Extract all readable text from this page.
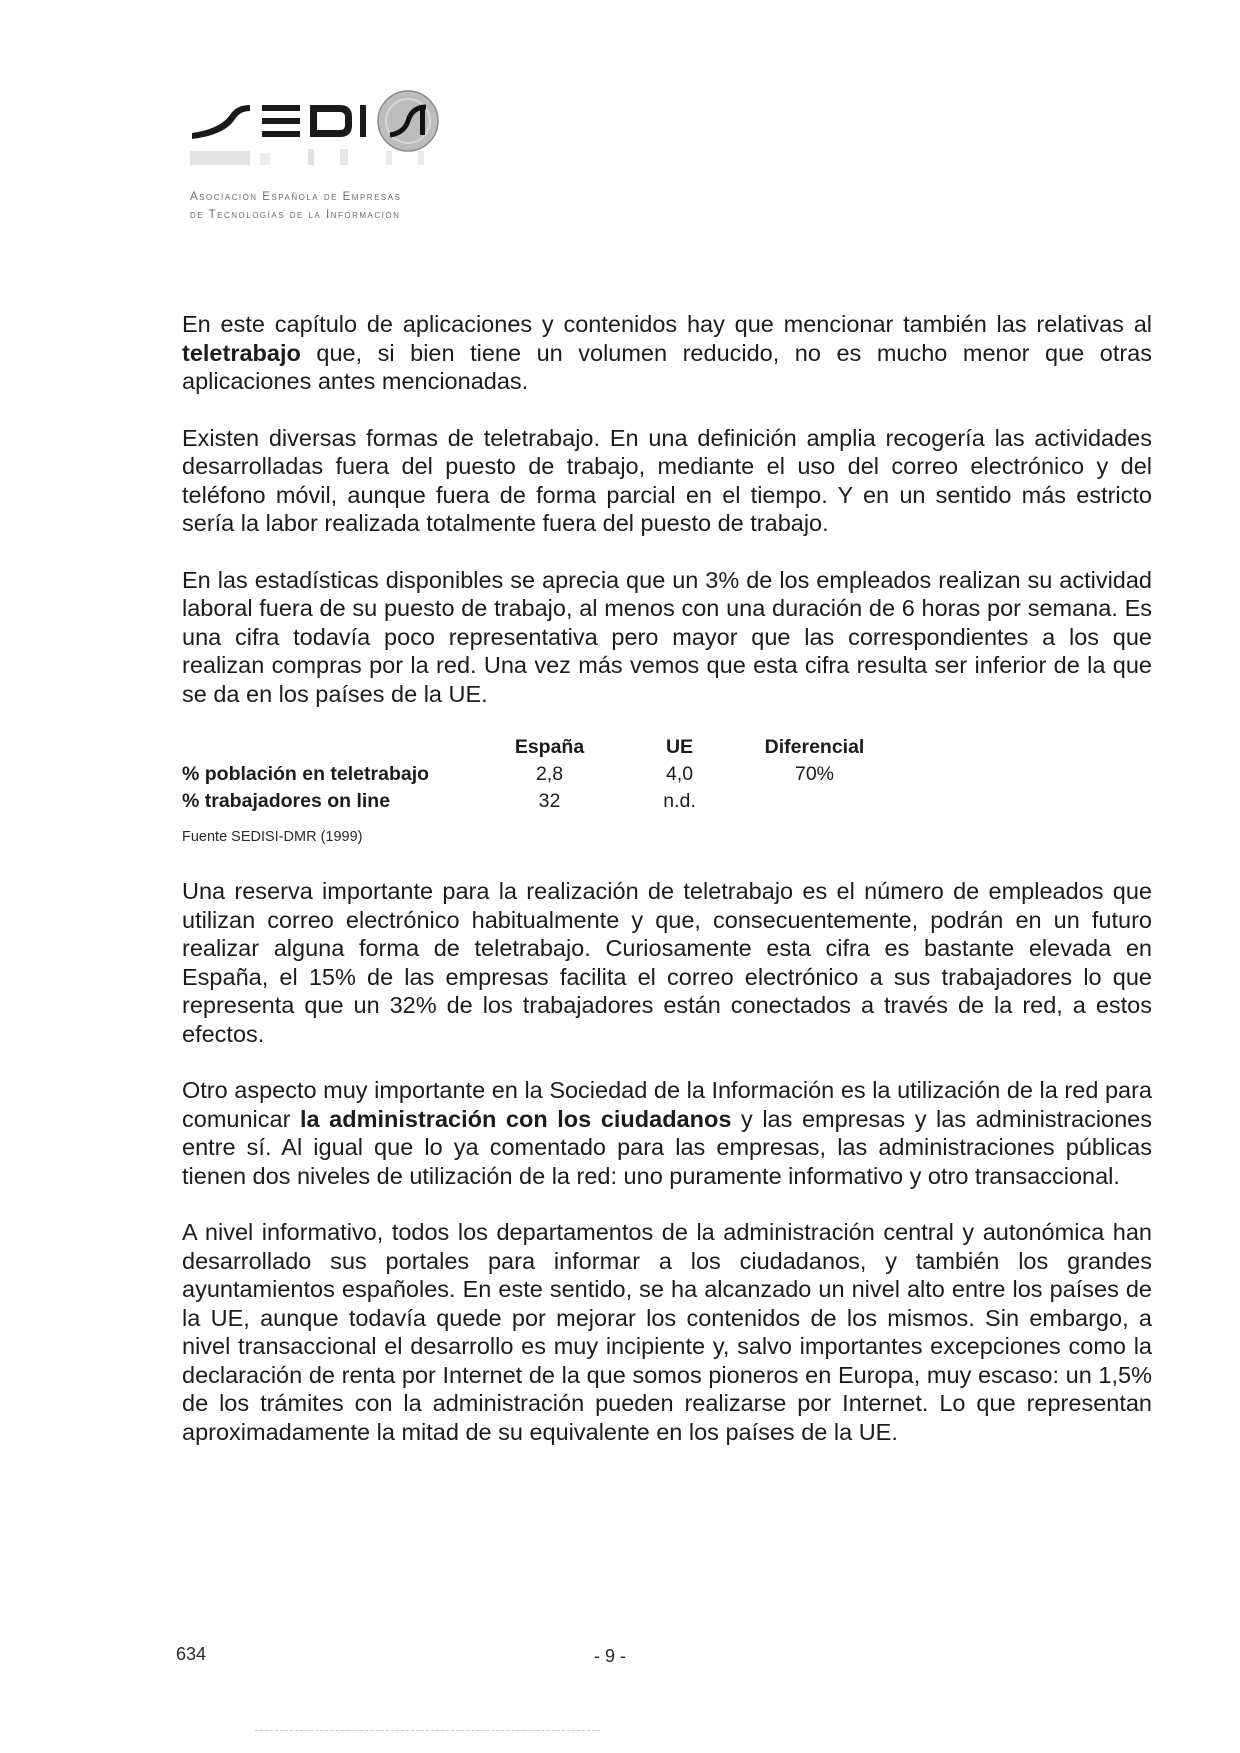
Asociación Española de Empresas
de Tecnologías de la Información

En este capítulo de aplicaciones y contenidos hay que mencionar también las relativas al teletrabajo que, si bien tiene un volumen reducido, no es mucho menor que otras aplicaciones antes mencionadas.

Existen diversas formas de teletrabajo. En una definición amplia recogería las actividades desarrolladas fuera del puesto de trabajo, mediante el uso del correo electrónico y del teléfono móvil, aunque fuera de forma parcial en el tiempo. Y en un sentido más estricto sería la labor realizada totalmente fuera del puesto de trabajo.

En las estadísticas disponibles se aprecia que un 3% de los empleados realizan su actividad laboral fuera de su puesto de trabajo, al menos con una duración de 6 horas por semana. Es una cifra todavía poco representativa pero mayor que las correspondientes a los que realizan compras por la red. Una vez más vemos que esta cifra resulta ser inferior de la que se da en los países de la UE.

	España	UE	Diferencial
% población en teletrabajo	2,8	4,0	70%
% trabajadores on line	32	n.d.	

Fuente SEDISI-DMR (1999)

Una reserva importante para la realización de teletrabajo es el número de empleados que utilizan correo electrónico habitualmente y que, consecuentemente, podrán en un futuro realizar alguna forma de teletrabajo. Curiosamente esta cifra es bastante elevada en España, el 15% de las empresas facilita el correo electrónico a sus trabajadores lo que representa que un 32% de los trabajadores están conectados a través de la red, a estos efectos.

Otro aspecto muy importante en la Sociedad de la Información es la utilización de la red para comunicar la administración con los ciudadanos y las empresas y las administraciones entre sí. Al igual que lo ya comentado para las empresas, las administraciones públicas tienen dos niveles de utilización de la red: uno puramente informativo y otro transaccional.

A nivel informativo, todos los departamentos de la administración central y autonómica han desarrollado sus portales para informar a los ciudadanos, y también los grandes ayuntamientos españoles. En este sentido, se ha alcanzado un nivel alto entre los países de la UE, aunque todavía quede por mejorar los contenidos de los mismos. Sin embargo, a nivel transaccional el desarrollo es muy incipiente y, salvo importantes excepciones como la declaración de renta por Internet de la que somos pioneros en Europa, muy escaso: un 1,5% de los trámites con la administración pueden realizarse por Internet. Lo que representan aproximadamente la mitad de su equivalente en los países de la UE.

634	- 9 -
